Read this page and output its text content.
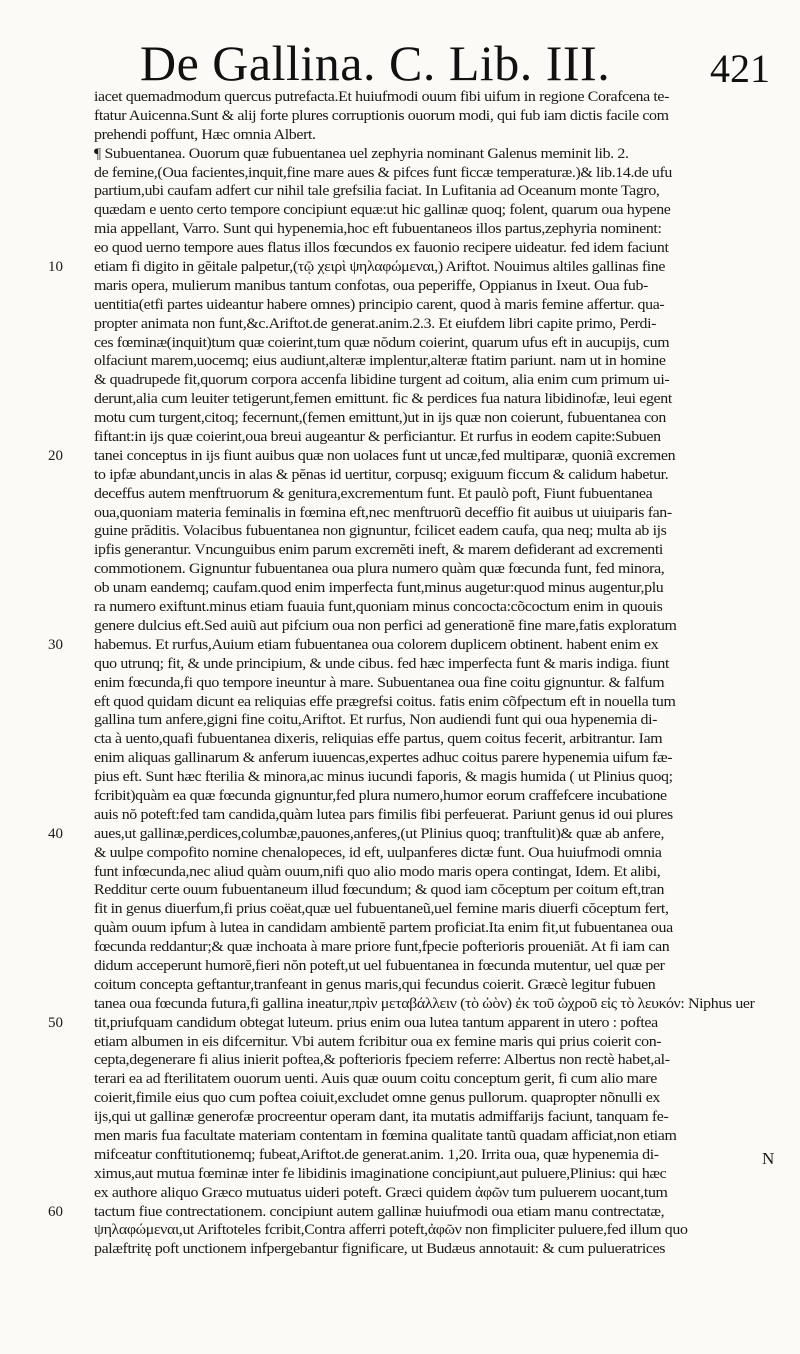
De Gallina. C. Lib. III.	421
iacet quemadmodum quercus putrefacta.Et huiufmodi ouum fibi uifum in regione Corafcena te-
ftatur Auicenna.Sunt & alij forte plures corruptionis ouorum modi, qui fub iam dictis facile com
prehendi poffunt, Hæc omnia Albert.
¶ Subuentanea. Ouorum quæ fubuentanea uel zephyria nominant Galenus meminit lib. 2.
de femine,(Oua facientes,inquit,fine mare aues & pifces funt ficcæ temperaturæ.)& lib.14.de ufu
partium,ubi caufam adfert cur nihil tale grefsilia faciat. In Lufitania ad Oceanum monte Tagro,
quædam e uento certo tempore concipiunt equæ:ut hic gallinæ quoq; folent, quarum oua hypene
mia appellant, Varro. Sunt qui hypenemia,hoc eft fubuentaneos illos partus,zephyria nominent:
eo quod uerno tempore aues flatus illos fœcundos ex fauonio recipere uideatur. fed idem faciunt
etiam fi digito in gĕitale palpetur,(τῷ χειρὶ ψηλαφώμεναι,) Ariftot. Nouimus altiles gallinas fine
maris opera, mulierum manibus tantum confotas, oua peperiffe, Oppianus in Ixeut. Oua fub-
uentitia(etfi partes uideantur habere omnes) principio carent, quod à maris femine affertur. qua-
propter animata non funt,&c.Ariftot.de generat.anim.2.3. Et eiufdem libri capite primo, Perdi-
ces fœminæ(inquit)tum quæ coierint,tum quæ nŏdum coierint, quarum ufus eft in aucupijs, cum
olfaciunt marem,uocemq; eius audiunt,alteræ implentur,alteræ ftatim pariunt. nam ut in homine
& quadrupede fit,quorum corpora accenfa libidine turgent ad coitum, alia enim cum primum ui-
derunt,alia cum leuiter tetigerunt,femen emittunt. fic & perdices fua natura libidinofæ, leui egent
motu cum turgent,citoq; fecernunt,(femen emittunt,)ut in ijs quæ non coierunt, fubuentanea con
fiftant:in ijs quæ coierint,oua breui augeantur & perficiantur. Et rurfus in eodem capite:Subuen
tanei conceptus in ijs fiunt auibus quæ non uolaces funt ut uncæ,fed multiparæ, quoniã excremen
to ipfæ abundant,uncis in alas & pĕnas id uertitur, corpusq; exiguum ficcum & calidum habetur.
deceffus autem menftruorum & genitura,excrementum funt. Et paulò poft, Fiunt fubuentanea
oua,quoniam materia feminalis in fœmina eft,nec menftruorũ deceffio fit auibus ut uiuiparis fan-
guine prăditis. Volacibus fubuentanea non gignuntur, fcilicet eadem caufa, qua neq; multa ab ijs
ipfis generantur. Vncunguibus enim parum excremĕti ineft, & marem defiderant ad excrementi
commotionem. Gignuntur fubuentanea oua plura numero quàm quæ fœcunda funt, fed minora,
ob unam eandemq; caufam.quod enim imperfecta funt,minus augetur:quod minus augentur,plu
ra numero exiftunt.minus etiam fuauia funt,quoniam minus concocta:cõcoctum enim in quouis
genere dulcius eft.Sed auiũ aut pifcium oua non perfici ad generationĕ fine mare,fatis exploratum
habemus. Et rurfus,Auium etiam fubuentanea oua colorem duplicem obtinent. habent enim ex
quo utrunq; fit, & unde principium, & unde cibus. fed hæc imperfecta funt & maris indiga. fiunt
enim fœcunda,fi quo tempore ineuntur à mare. Subuentanea oua fine coitu gignuntur. & falfum
eft quod quidam dicunt ea reliquias effe prægrefsi coitus. fatis enim cõfpectum eft in nouella tum
gallina tum anfere,gigni fine coitu,Ariftot. Et rurfus, Non audiendi funt qui oua hypenemia di-
cta à uento,quafi fubuentanea dixeris, reliquias effe partus, quem coitus fecerit, arbitrantur. Iam
enim aliquas gallinarum & anferum iuuencas,expertes adhuc coitus parere hypenemia uifum fæ-
pius eft. Sunt hæc fterilia & minora,ac minus iucundi faporis, & magis humida ( ut Plinius quoq;
fcribit)quàm ea quæ fœcunda gignuntur,fed plura numero,humor eorum craffefcere incubatione
auis nŏ poteft:fed tam candida,quàm lutea pars fimilis fibi perfeuerat. Pariunt genus id oui plures
aues,ut gallinæ,perdices,columbæ,pauones,anferes,(ut Plinius quoq; tranftulit)& quæ ab anfere,
& uulpe compofito nomine chenalopeces, id eft, uulpanferes dictæ funt. Oua huiufmodi omnia
funt infœcunda,nec aliud quàm ouum,nifi quo alio modo maris opera contingat, Idem. Et alibi,
Redditur certe ouum fubuentaneum illud fœcundum; & quod iam cŏceptum per coitum eft,tran
fit in genus diuerfum,fi prius coëat,quæ uel fubuentaneũ,uel femine maris diuerfi cŏceptum fert,
quàm ouum ipfum à lutea in candidam ambientĕ partem proficiat.Ita enim fit,ut fubuentanea oua
fœcunda reddantur;& quæ inchoata à mare priore funt,fpecie pofterioris proueniăt. At fi iam can
didum acceperunt humorĕ,fieri nŏn poteft,ut uel fubuentanea in fœcunda mutentur, uel quæ per
coitum concepta geftantur,tranfeant in genus maris,qui fecundus coierit. Græcè legitur fubuen
tanea oua fœcunda futura,fi gallina ineatur,πρὶν μεταβάλλειν (τὸ ὠὸν) ἐκ τοῦ ὠχροῦ εἰς τὸ λευκόν: Niphus uer
tit,priufquam candidum obtegat luteum. prius enim oua lutea tantum apparent in utero : poftea
etiam albumen in eis difcernitur. Vbi autem fcribitur oua ex femine maris qui prius coierit con-
cepta,degenerare fi alius inierit poftea,& pofterioris fpeciem referre: Albertus non rectè habet,al-
terari ea ad fterilitatem ouorum uenti. Auis quæ ouum coitu conceptum gerit, fi cum alio mare
coierit,fimile eius quo cum poftea coiuit,excludet omne genus pullorum. quapropter nõnulli ex
ijs,qui ut gallinæ generofæ procreentur operam dant, ita mutatis admiffarijs faciunt, tanquam fe-
men maris fua facultate materiam contentam in fœmina qualitate tantũ quadam afficiat,non etiam
mifceatur conftitutionemq; fubeat,Ariftot.de generat.anim. 1,20. Irrita oua, quæ hypenemia di-
ximus,aut mutua fœminæ inter fe libidinis imaginatione concipiunt,aut puluere,Plinius: qui hæc
ex authore aliquo Græco mutuatus uideri poteft. Græci quidem ἀφῶν tum puluerem uocant,tum
tactum fiue contrectationem. concipiunt autem gallinæ huiufmodi oua etiam manu contrectatæ,
ψηλαφώμεναι,ut Ariftoteles fcribit,Contra afferri poteft,ἀφῶν non fimpliciter puluere,fed illum quo
palæftritę poft unctionem infpergebantur fignificare, ut Budæus annotauit: & cum pulueratrices
10
20
30
40
50
60
N
